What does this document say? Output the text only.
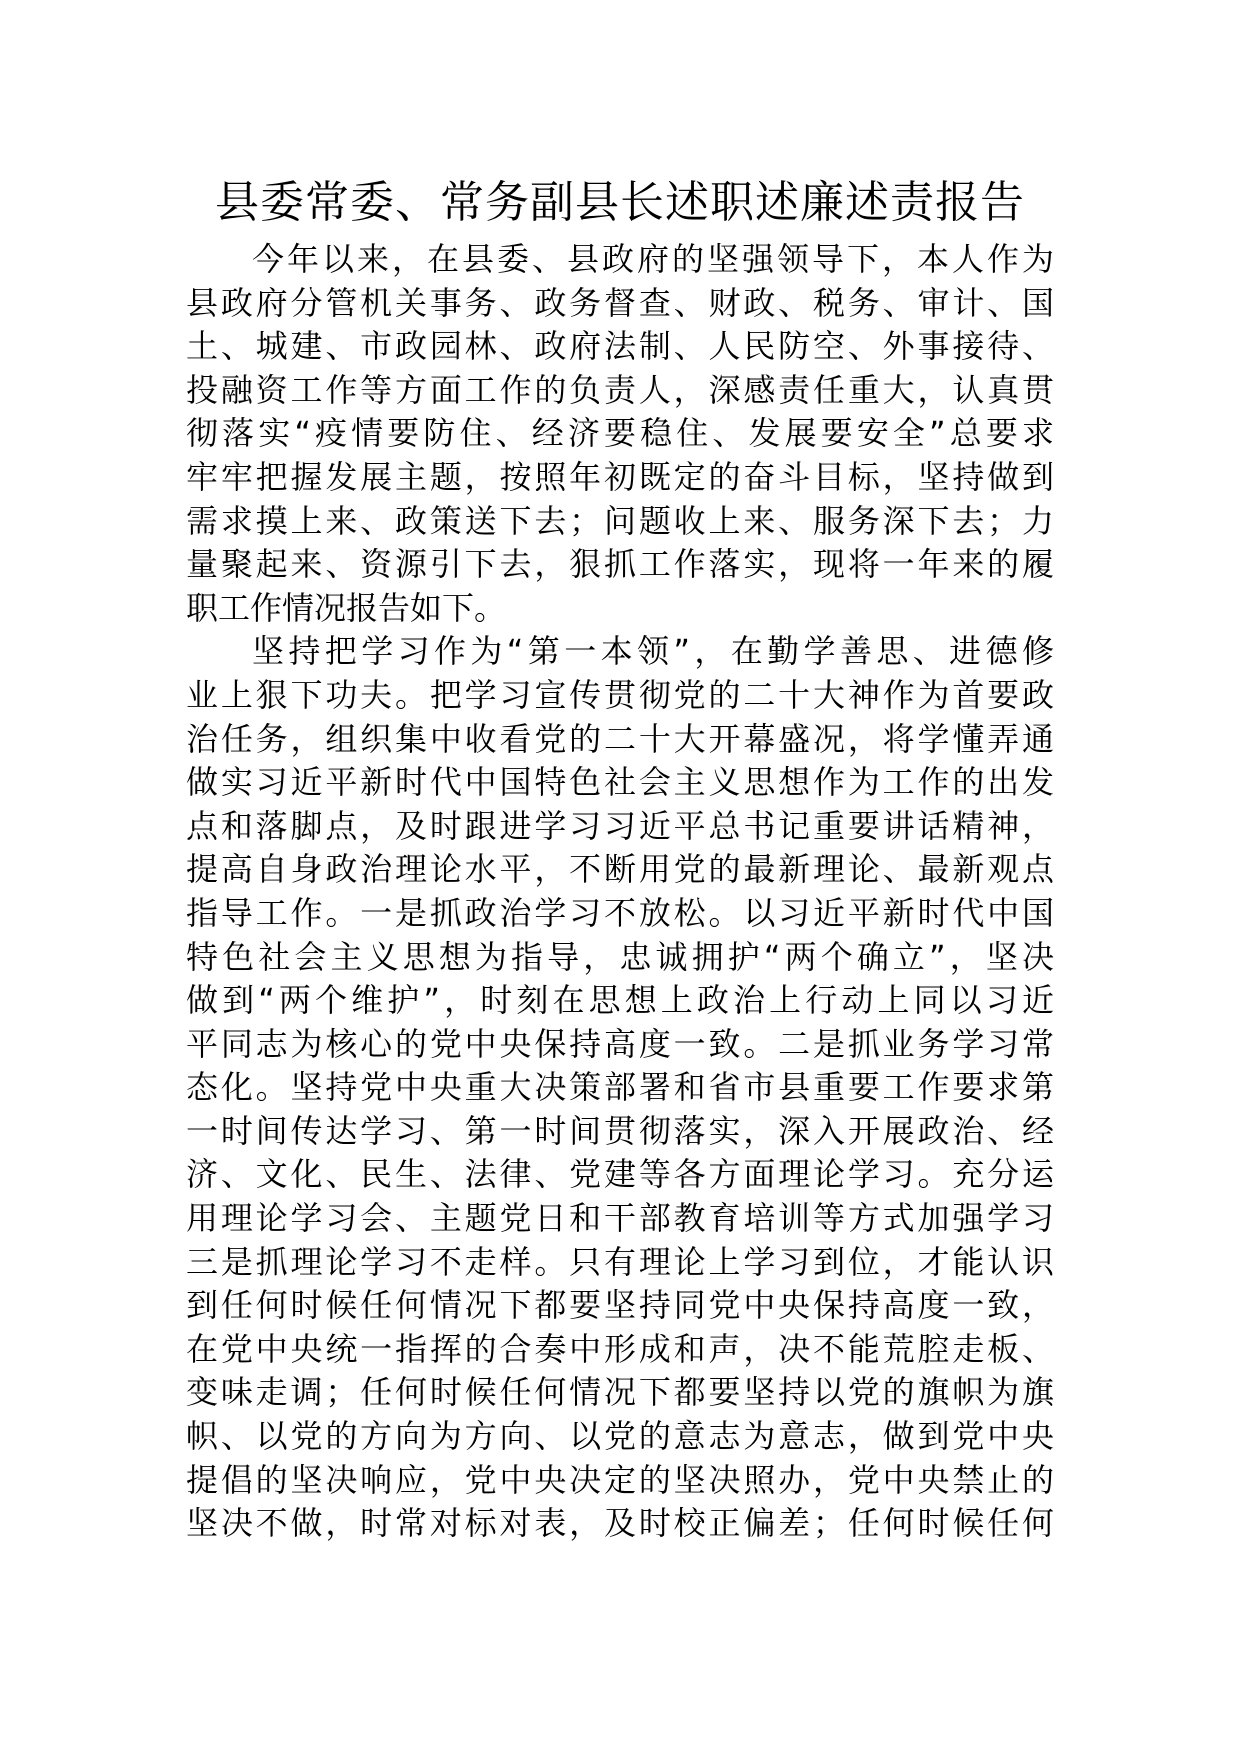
县委常委、常务副县长述职述廉述责报告
今年以来，在县委、县政府的坚强领导下，本人作为
县政府分管机关事务、政务督查、财政、税务、审计、国
土、城建、市政园林、政府法制、人民防空、外事接待、
投融资工作等方面工作的负责人，深感责任重大，认真贯
彻落实“疫情要防住、经济要稳住、发展要安全”总要求
牢牢把握发展主题，按照年初既定的奋斗目标，坚持做到
需求摸上来、政策送下去；问题收上来、服务深下去；力
量聚起来、资源引下去，狠抓工作落实，现将一年来的履
职工作情况报告如下。
坚持把学习作为“第一本领”，在勤学善思、进德修
业上狠下功夫。把学习宣传贯彻党的二十大神作为首要政
治任务，组织集中收看党的二十大开幕盛况，将学懂弄通
做实习近平新时代中国特色社会主义思想作为工作的出发
点和落脚点，及时跟进学习习近平总书记重要讲话精神，
提高自身政治理论水平，不断用党的最新理论、最新观点
指导工作。一是抓政治学习不放松。以习近平新时代中国
特色社会主义思想为指导，忠诚拥护“两个确立”，坚决
做到“两个维护”，时刻在思想上政治上行动上同以习近
平同志为核心的党中央保持高度一致。二是抓业务学习常
态化。坚持党中央重大决策部署和省市县重要工作要求第
一时间传达学习、第一时间贯彻落实，深入开展政治、经
济、文化、民生、法律、党建等各方面理论学习。充分运
用理论学习会、主题党日和干部教育培训等方式加强学习
三是抓理论学习不走样。只有理论上学习到位，才能认识
到任何时候任何情况下都要坚持同党中央保持高度一致，
在党中央统一指挥的合奏中形成和声，决不能荒腔走板、
变味走调；任何时候任何情况下都要坚持以党的旗帜为旗
帜、以党的方向为方向、以党的意志为意志，做到党中央
提倡的坚决响应，党中央决定的坚决照办，党中央禁止的
坚决不做，时常对标对表，及时校正偏差；任何时候任何
